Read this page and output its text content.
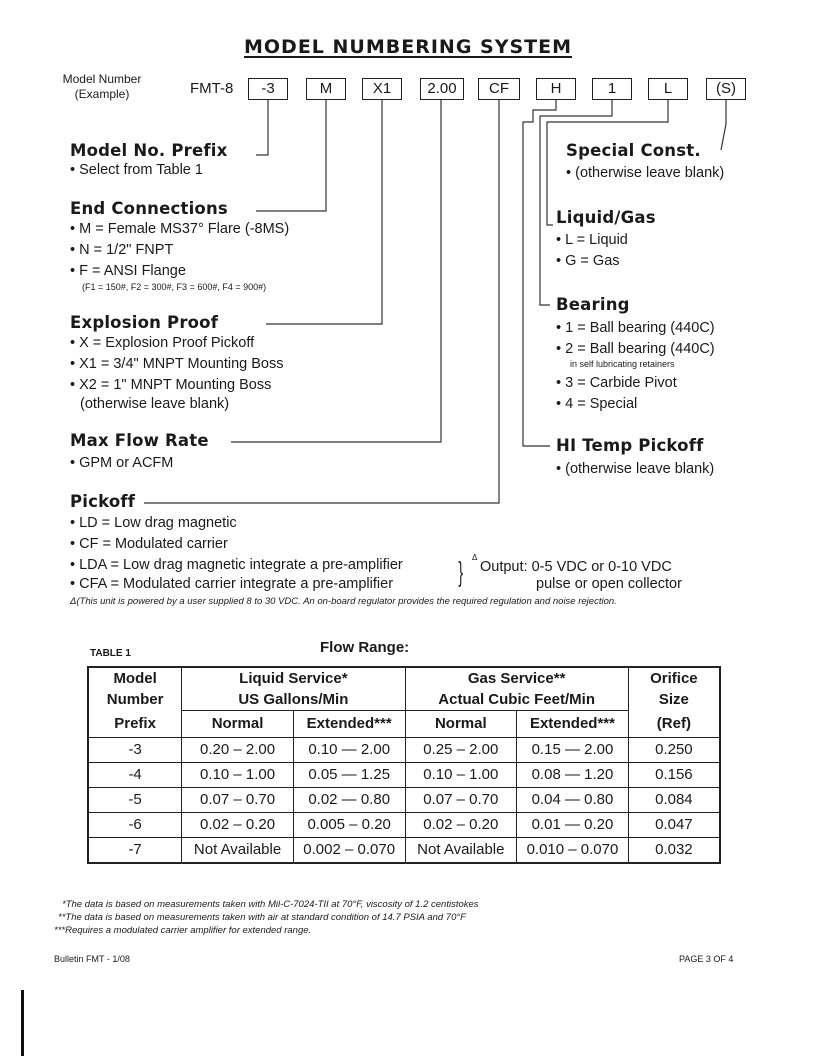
MODEL NUMBERING SYSTEM
Model Number (Example)	FMT-8	-3	M	X1	2.00	CF	H	1	L	(S)
Model No. Prefix
• Select from Table 1
End Connections
• M = Female MS37° Flare (-8MS)
• N = 1/2" FNPT
• F = ANSI Flange
(F1 = 150#, F2 = 300#, F3 = 600#, F4 = 900#)
Explosion Proof
• X = Explosion Proof Pickoff
• X1 = 3/4" MNPT Mounting Boss
• X2 = 1" MNPT Mounting Boss
(otherwise leave blank)
Max Flow Rate
• GPM or ACFM
Pickoff
• LD = Low drag magnetic
• CF = Modulated carrier
• LDA = Low drag magnetic integrate a pre-amplifier
• CFA = Modulated carrier integrate a pre-amplifier } Δ
Output: 0-5 VDC or 0-10 VDC
pulse or open collector
Δ(This unit is powered by a user supplied 8 to 30 VDC. An on-board regulator provides the required regulation and noise rejection.
Special Const.
• (otherwise leave blank)
Liquid/Gas
• L = Liquid
• G = Gas
Bearing
• 1 = Ball bearing (440C)
• 2 = Ball bearing (440C)
in self lubricating retainers
• 3 = Carbide Pivot
• 4 = Special
HI Temp Pickoff
• (otherwise leave blank)
TABLE 1	Flow Range:
Model
Number	Liquid Service*
US Gallons/Min		Gas Service**
Actual Cubic Feet/Min		Orifice
Size

Prefix	Normal	Extended***	Normal	Extended***	(Ref)
-3	0.20 – 2.00	0.10 — 2.00	0.25 – 2.00	0.15 — 2.00	0.250
-4	0.10 – 1.00	0.05 — 1.25	0.10 – 1.00	0.08 — 1.20	0.156
-5	0.07 – 0.70	0.02 — 0.80	0.07 – 0.70	0.04 — 0.80	0.084
-6	0.02 – 0.20	0.005 – 0.20	0.02 – 0.20	0.01 — 0.20	0.047
-7	Not Available	0.002 – 0.070	Not Available	0.010 – 0.070	0.032
*The data is based on measurements taken with Mil-C-7024-TII at 70°F, viscosity of 1.2 centistokes
**The data is based on measurements taken with air at standard condition of 14.7 PSIA and 70°F
***Requires a modulated carrier amplifier for extended range.
Bulletin FMT - 1/08	PAGE 3 OF 4
